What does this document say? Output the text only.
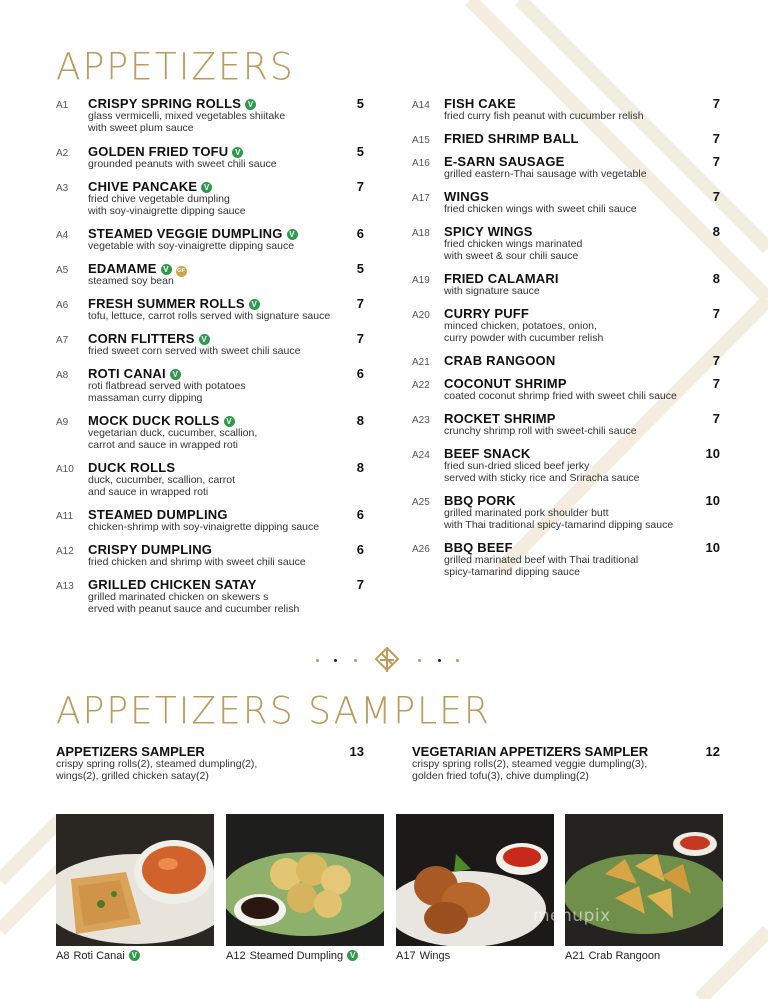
APPETIZERS
A1 CRISPY SPRING ROLLS V	5
glass vermicelli, mixed vegetables shiitake
with sweet plum sauce
A2 GOLDEN FRIED TOFU V	5
grounded peanuts with sweet chili sauce
A3 CHIVE PANCAKE V	7
fried chive vegetable dumpling
with soy-vinaigrette dipping sauce
A4 STEAMED VEGGIE DUMPLING V	6
vegetable with soy-vinaigrette dipping sauce
A5 EDAMAME V GF	5
steamed soy bean
A6 FRESH SUMMER ROLLS V	7
tofu, lettuce, carrot rolls served with signature sauce
A7 CORN FLITTERS V	7
fried sweet corn served with sweet chili sauce
A8 ROTI CANAI V	6
roti flatbread served with potatoes
massaman curry dipping
A9 MOCK DUCK ROLLS V	8
vegetarian duck, cucumber, scallion,
carrot and sauce in wrapped roti
A10 DUCK ROLLS	8
duck, cucumber, scallion, carrot
and sauce in wrapped roti
A11 STEAMED DUMPLING	6
chicken-shrimp with soy-vinaigrette dipping sauce
A12 CRISPY DUMPLING	6
fried chicken and shrimp with sweet chili sauce
A13 GRILLED CHICKEN SATAY	7
grilled marinated chicken on skewers s
erved with peanut sauce and cucumber relish
A14 FISH CAKE	7
fried curry fish peanut with cucumber relish
A15 FRIED SHRIMP BALL	7
A16 E-SARN SAUSAGE	7
grilled eastern-Thai sausage with vegetable
A17 WINGS	7
fried chicken wings with sweet chili sauce
A18 SPICY WINGS	8
fried chicken wings marinated
with sweet & sour chili sauce
A19 FRIED CALAMARI	8
with signature sauce
A20 CURRY PUFF	7
minced chicken, potatoes, onion,
curry powder with cucumber relish
A21 CRAB RANGOON	7
A22 COCONUT SHRIMP	7
coated coconut shrimp fried with sweet chili sauce
A23 ROCKET SHRIMP	7
crunchy shrimp roll with sweet-chili sauce
A24 BEEF SNACK	10
fried sun-dried sliced beef jerky
served with sticky rice and Sriracha sauce
A25 BBQ PORK	10
grilled marinated pork shoulder butt
with Thai traditional spicy-tamarind dipping sauce
A26 BBQ BEEF	10
grilled marinated beef with Thai traditional
spicy-tamarind dipping sauce
APPETIZERS SAMPLER
APPETIZERS SAMPLER	13
crispy spring rolls(2), steamed dumpling(2),
wings(2), grilled chicken satay(2)
VEGETARIAN APPETIZERS SAMPLER	12
crispy spring rolls(2), steamed veggie dumpling(3),
golden fried tofu(3), chive dumpling(2)
menupix
A8 Roti Canai V	A12 Steamed Dumpling V	A17 Wings	A21 Crab Rangoon
